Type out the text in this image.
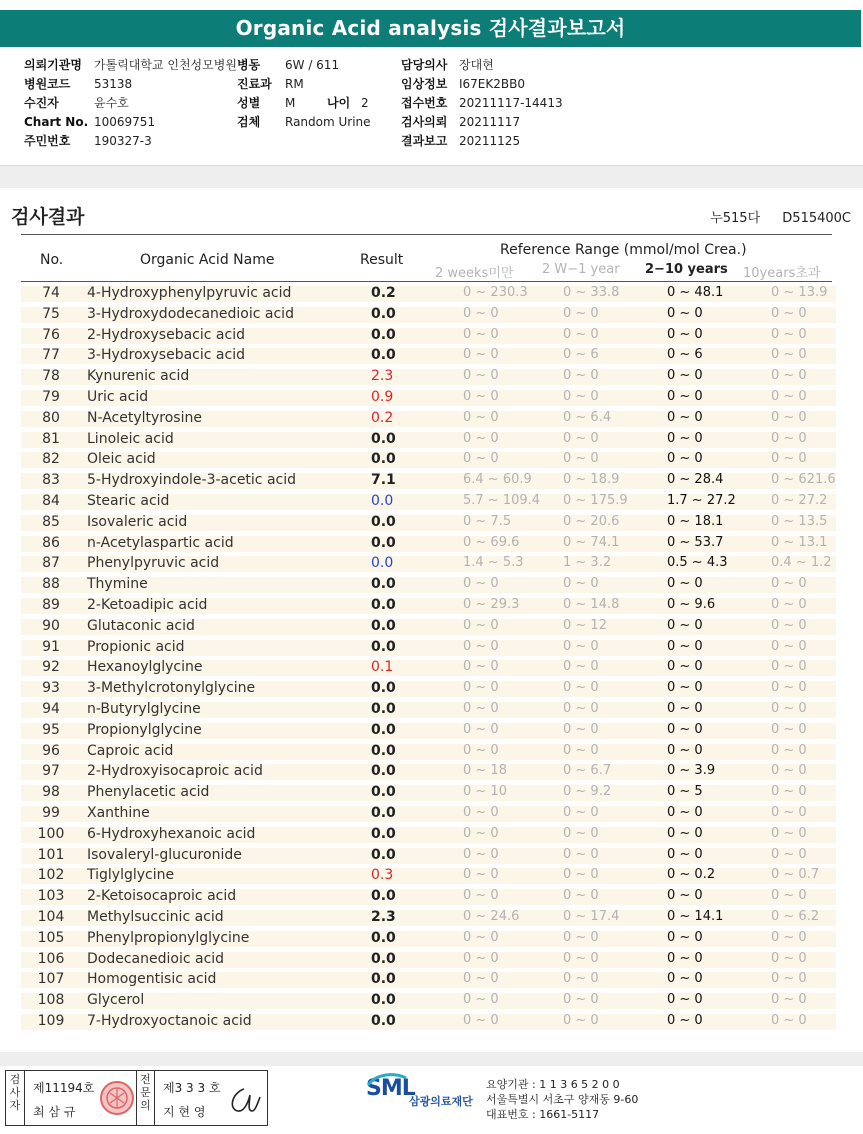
Organic Acid analysis 검사결과보고서
의뢰기관명	가톨릭대학교 인천성모병원
병원코드	53138
수진자	윤수호
Chart No. 10069751
주민번호	190327-3
병동	6W / 611
진료과	RM
성별	M	나이 2
검체	Random Urine
담당의사 장대현
임상정보 I67EK2BB0
접수번호 20211117-14413
검사의뢰 20211117
결과보고 20211125
검사결과	누515다 D515400C
No.	Organic Acid Name	Result
Reference Range (mmol/mol Crea.)
2 weeks미만 2 W−1 year 2−10 years 10years초과
74	4-Hydroxyphenylpyruvic acid	0.2	0 ~ 230.3	0 ~ 33.8	0 ~ 48.1	0 ~ 13.9
75	3-Hydroxydodecanedioic acid	0.0	0 ~ 0	0 ~ 0	0 ~ 0	0 ~ 0
76	2-Hydroxysebacic acid	0.0	0 ~ 0	0 ~ 0	0 ~ 0	0 ~ 0
77	3-Hydroxysebacic acid	0.0	0 ~ 0	0 ~ 6	0 ~ 6	0 ~ 0
78	Kynurenic acid	2.3	0 ~ 0	0 ~ 0	0 ~ 0	0 ~ 0
79	Uric acid	0.9	0 ~ 0	0 ~ 0	0 ~ 0	0 ~ 0
80	N-Acetyltyrosine	0.2	0 ~ 0	0 ~ 6.4	0 ~ 0	0 ~ 0
81	Linoleic acid	0.0	0 ~ 0	0 ~ 0	0 ~ 0	0 ~ 0
82	Oleic acid	0.0	0 ~ 0	0 ~ 0	0 ~ 0	0 ~ 0
83	5-Hydroxyindole-3-acetic acid	7.1	6.4 ~ 60.9 0 ~ 18.9	0 ~ 28.4	0 ~ 621.6
84	Stearic acid	0.0	5.7 ~ 109.4 0 ~ 175.9	1.7 ~ 27.2	0 ~ 27.2
85	Isovaleric acid	0.0	0 ~ 7.5	0 ~ 20.6	0 ~ 18.1	0 ~ 13.5
86	n-Acetylaspartic acid	0.0	0 ~ 69.6	0 ~ 74.1	0 ~ 53.7	0 ~ 13.1
87	Phenylpyruvic acid	0.0	1.4 ~ 5.3	1 ~ 3.2	0.5 ~ 4.3	0.4 ~ 1.2
88	Thymine	0.0	0 ~ 0	0 ~ 0	0 ~ 0	0 ~ 0
89	2-Ketoadipic acid	0.0	0 ~ 29.3	0 ~ 14.8	0 ~ 9.6	0 ~ 0
90	Glutaconic acid	0.0	0 ~ 0	0 ~ 12	0 ~ 0	0 ~ 0
91	Propionic acid	0.0	0 ~ 0	0 ~ 0	0 ~ 0	0 ~ 0
92	Hexanoylglycine	0.1	0 ~ 0	0 ~ 0	0 ~ 0	0 ~ 0
93	3-Methylcrotonylglycine	0.0	0 ~ 0	0 ~ 0	0 ~ 0	0 ~ 0
94	n-Butyrylglycine	0.0	0 ~ 0	0 ~ 0	0 ~ 0	0 ~ 0
95	Propionylglycine	0.0	0 ~ 0	0 ~ 0	0 ~ 0	0 ~ 0
96	Caproic acid	0.0	0 ~ 0	0 ~ 0	0 ~ 0	0 ~ 0
97	2-Hydroxyisocaproic acid	0.0	0 ~ 18	0 ~ 6.7	0 ~ 3.9	0 ~ 0
98	Phenylacetic acid	0.0	0 ~ 10	0 ~ 9.2	0 ~ 5	0 ~ 0
99	Xanthine	0.0	0 ~ 0	0 ~ 0	0 ~ 0	0 ~ 0
100	6-Hydroxyhexanoic acid	0.0	0 ~ 0	0 ~ 0	0 ~ 0	0 ~ 0
101	Isovaleryl-glucuronide	0.0	0 ~ 0	0 ~ 0	0 ~ 0	0 ~ 0
102	Tiglylglycine	0.3	0 ~ 0	0 ~ 0	0 ~ 0.2	0 ~ 0.7
103	2-Ketoisocaproic acid	0.0	0 ~ 0	0 ~ 0	0 ~ 0	0 ~ 0
104	Methylsuccinic acid	2.3	0 ~ 24.6	0 ~ 17.4	0 ~ 14.1	0 ~ 6.2
105	Phenylpropionylglycine	0.0	0 ~ 0	0 ~ 0	0 ~ 0	0 ~ 0
106	Dodecanedioic acid	0.0	0 ~ 0	0 ~ 0	0 ~ 0	0 ~ 0
107	Homogentisic acid	0.0	0 ~ 0	0 ~ 0	0 ~ 0	0 ~ 0
108	Glycerol	0.0	0 ~ 0	0 ~ 0	0 ~ 0	0 ~ 0
109	7-Hydroxyoctanoic acid	0.0	0 ~ 0	0 ~ 0	0 ~ 0	0 ~ 0
검사자
제11194호
최 삼 규
전문의
제3 3 3 호
지 현 영
SML
삼광의료재단
요양기관 : 1 1 3 6 5 2 0 0
서울특별시 서초구 양재동 9-60
대표번호 : 1661-5117
